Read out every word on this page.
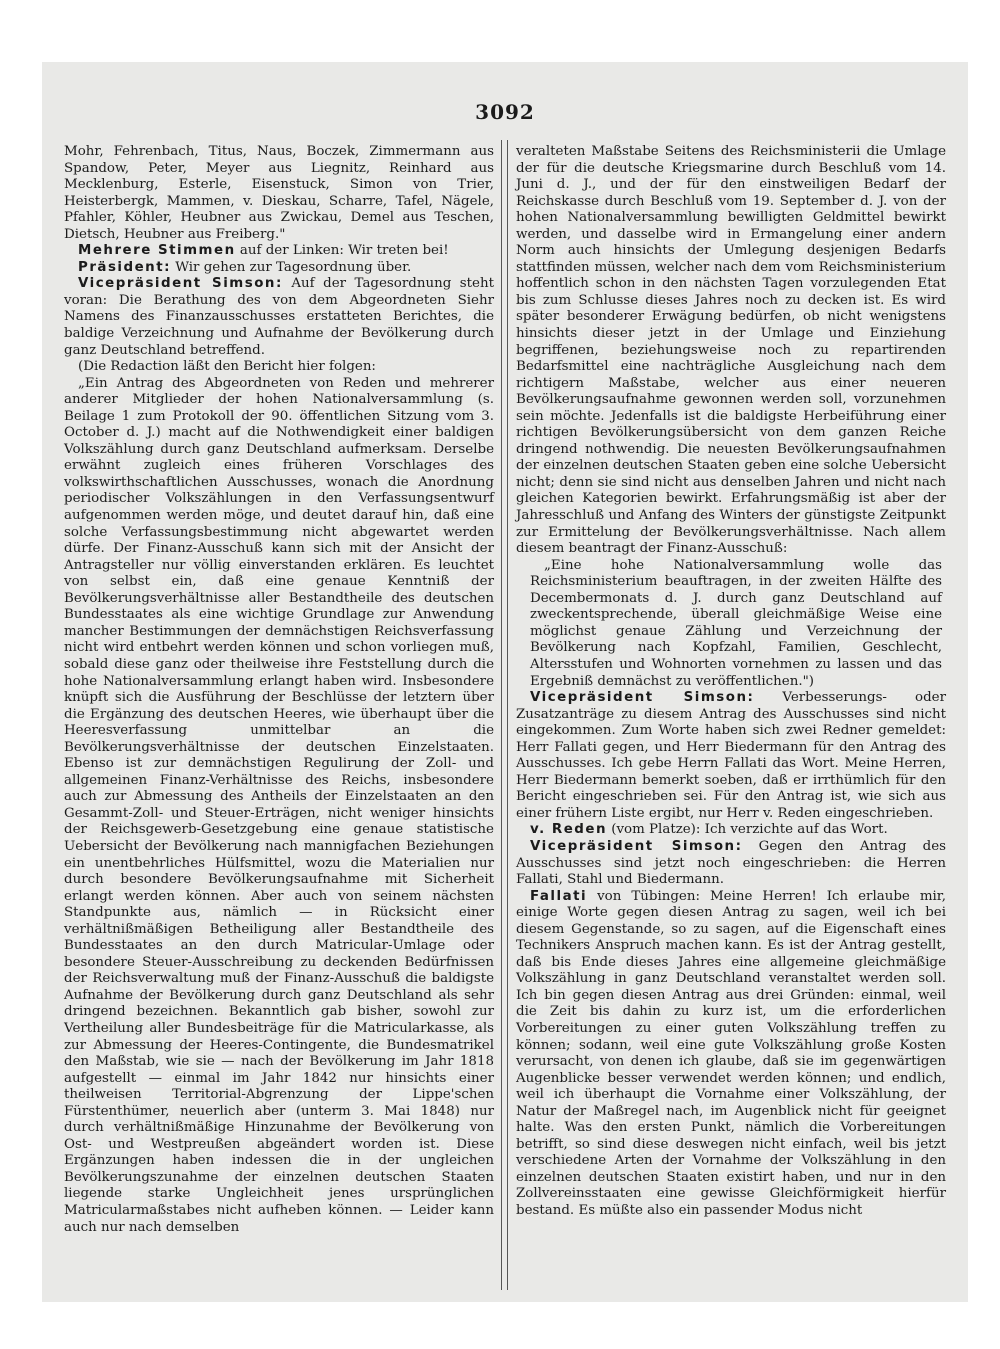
3092

Mohr, Fehrenbach, Titus, Naus, Boczek, Zimmermann aus Spandow, Peter, Meyer aus Liegnitz, Reinhard aus Mecklenburg, Esterle, Eisenstuck, Simon von Trier, Heisterbergk, Mammen, v. Dieskau, Scharre, Tafel, Nägele, Pfahler, Köhler, Heubner aus Zwickau, Demel aus Teschen, Dietsch, Heubner aus Freiberg."

Mehrere Stimmen auf der Linken: Wir treten bei!

Präsident: Wir gehen zur Tagesordnung über.

Vicepräsident Simson: Auf der Tagesordnung steht voran: Die Berathung des von dem Abgeordneten Siehr Namens des Finanzausschusses erstatteten Berichtes, die baldige Verzeichnung und Aufnahme der Bevölkerung durch ganz Deutschland betreffend.

(Die Redaction läßt den Bericht hier folgen:

„Ein Antrag des Abgeordneten von Reden und mehrerer anderer Mitglieder der hohen Nationalversammlung (s. Beilage 1 zum Protokoll der 90. öffentlichen Sitzung vom 3. October d. J.) macht auf die Nothwendigkeit einer baldigen Volkszählung durch ganz Deutschland aufmerksam. Derselbe erwähnt zugleich eines früheren Vorschlages des volkswirthschaftlichen Ausschusses, wonach die Anordnung periodischer Volkszählungen in den Verfassungsentwurf aufgenommen werden möge, und deutet darauf hin, daß eine solche Verfassungsbestimmung nicht abgewartet werden dürfe. Der Finanz-Ausschuß kann sich mit der Ansicht der Antragsteller nur völlig einverstanden erklären. Es leuchtet von selbst ein, daß eine genaue Kenntniß der Bevölkerungsverhältnisse aller Bestandtheile des deutschen Bundesstaates als eine wichtige Grundlage zur Anwendung mancher Bestimmungen der demnächstigen Reichsverfassung nicht wird entbehrt werden können und schon vorliegen muß, sobald diese ganz oder theilweise ihre Feststellung durch die hohe Nationalversammlung erlangt haben wird. Insbesondere knüpft sich die Ausführung der Beschlüsse der letztern über die Ergänzung des deutschen Heeres, wie überhaupt über die Heeresverfassung unmittelbar an die Bevölkerungsverhältnisse der deutschen Einzelstaaten. Ebenso ist zur demnächstigen Regulirung der Zoll- und allgemeinen Finanz-Verhältnisse des Reichs, insbesondere auch zur Abmessung des Antheils der Einzelstaaten an den Gesammt-Zoll- und Steuer-Erträgen, nicht weniger hinsichts der Reichsgewerb-Gesetzgebung eine genaue statistische Uebersicht der Bevölkerung nach mannigfachen Beziehungen ein unentbehrliches Hülfsmittel, wozu die Materialien nur durch besondere Bevölkerungsaufnahme mit Sicherheit erlangt werden können. Aber auch von seinem nächsten Standpunkte aus, nämlich — in Rücksicht einer verhältnißmäßigen Betheiligung aller Bestandtheile des Bundesstaates an den durch Matricular-Umlage oder besondere Steuer-Ausschreibung zu deckenden Bedürfnissen der Reichsverwaltung muß der Finanz-Ausschuß die baldigste Aufnahme der Bevölkerung durch ganz Deutschland als sehr dringend bezeichnen. Bekanntlich gab bisher, sowohl zur Vertheilung aller Bundesbeiträge für die Matricularkasse, als zur Abmessung der Heeres-Contingente, die Bundesmatrikel den Maßstab, wie sie — nach der Bevölkerung im Jahr 1818 aufgestellt — einmal im Jahr 1842 nur hinsichts einer theilweisen Territorial-Abgrenzung der Lippe'schen Fürstenthümer, neuerlich aber (unterm 3. Mai 1848) nur durch verhältnißmäßige Hinzunahme der Bevölkerung von Ost- und Westpreußen abgeändert worden ist. Diese Ergänzungen haben indessen die in der ungleichen Bevölkerungszunahme der einzelnen deutschen Staaten liegende starke Ungleichheit jenes ursprünglichen Matricularmaßstabes nicht aufheben können. — Leider kann auch nur nach demselben

veralteten Maßstabe Seitens des Reichsministerii die Umlage der für die deutsche Kriegsmarine durch Beschluß vom 14. Juni d. J., und der für den einstweiligen Bedarf der Reichskasse durch Beschluß vom 19. September d. J. von der hohen Nationalversammlung bewilligten Geldmittel bewirkt werden, und dasselbe wird in Ermangelung einer andern Norm auch hinsichts der Umlegung desjenigen Bedarfs stattfinden müssen, welcher nach dem vom Reichsministerium hoffentlich schon in den nächsten Tagen vorzulegenden Etat bis zum Schlusse dieses Jahres noch zu decken ist. Es wird später besonderer Erwägung bedürfen, ob nicht wenigstens hinsichts dieser jetzt in der Umlage und Einziehung begriffenen, beziehungsweise noch zu repartirenden Bedarfsmittel eine nachträgliche Ausgleichung nach dem richtigern Maßstabe, welcher aus einer neueren Bevölkerungsaufnahme gewonnen werden soll, vorzunehmen sein möchte. Jedenfalls ist die baldigste Herbeiführung einer richtigen Bevölkerungsübersicht von dem ganzen Reiche dringend nothwendig. Die neuesten Bevölkerungsaufnahmen der einzelnen deutschen Staaten geben eine solche Uebersicht nicht; denn sie sind nicht aus denselben Jahren und nicht nach gleichen Kategorien bewirkt. Erfahrungsmäßig ist aber der Jahresschluß und Anfang des Winters der günstigste Zeitpunkt zur Ermittelung der Bevölkerungsverhältnisse. Nach allem diesem beantragt der Finanz-Ausschuß:

„Eine hohe Nationalversammlung wolle das Reichsministerium beauftragen, in der zweiten Hälfte des Decembermonats d. J. durch ganz Deutschland auf zweckentsprechende, überall gleichmäßige Weise eine möglichst genaue Zählung und Verzeichnung der Bevölkerung nach Kopfzahl, Familien, Geschlecht, Altersstufen und Wohnorten vornehmen zu lassen und das Ergebniß demnächst zu veröffentlichen.")

Vicepräsident Simson: Verbesserungs- oder Zusatzanträge zu diesem Antrag des Ausschusses sind nicht eingekommen. Zum Worte haben sich zwei Redner gemeldet: Herr Fallati gegen, und Herr Biedermann für den Antrag des Ausschusses. Ich gebe Herrn Fallati das Wort. Meine Herren, Herr Biedermann bemerkt soeben, daß er irrthümlich für den Bericht eingeschrieben sei. Für den Antrag ist, wie sich aus einer frühern Liste ergibt, nur Herr v. Reden eingeschrieben.

v. Reden (vom Platze): Ich verzichte auf das Wort.

Vicepräsident Simson: Gegen den Antrag des Ausschusses sind jetzt noch eingeschrieben: die Herren Fallati, Stahl und Biedermann.

Fallati von Tübingen: Meine Herren! Ich erlaube mir, einige Worte gegen diesen Antrag zu sagen, weil ich bei diesem Gegenstande, so zu sagen, auf die Eigenschaft eines Technikers Anspruch machen kann. Es ist der Antrag gestellt, daß bis Ende dieses Jahres eine allgemeine gleichmäßige Volkszählung in ganz Deutschland veranstaltet werden soll. Ich bin gegen diesen Antrag aus drei Gründen: einmal, weil die Zeit bis dahin zu kurz ist, um die erforderlichen Vorbereitungen zu einer guten Volkszählung treffen zu können; sodann, weil eine gute Volkszählung große Kosten verursacht, von denen ich glaube, daß sie im gegenwärtigen Augenblicke besser verwendet werden können; und endlich, weil ich überhaupt die Vornahme einer Volkszählung, der Natur der Maßregel nach, im Augenblick nicht für geeignet halte. Was den ersten Punkt, nämlich die Vorbereitungen betrifft, so sind diese deswegen nicht einfach, weil bis jetzt verschiedene Arten der Vornahme der Volkszählung in den einzelnen deutschen Staaten existirt haben, und nur in den Zollvereinsstaaten eine gewisse Gleichförmigkeit hierfür bestand. Es müßte also ein passender Modus nicht
